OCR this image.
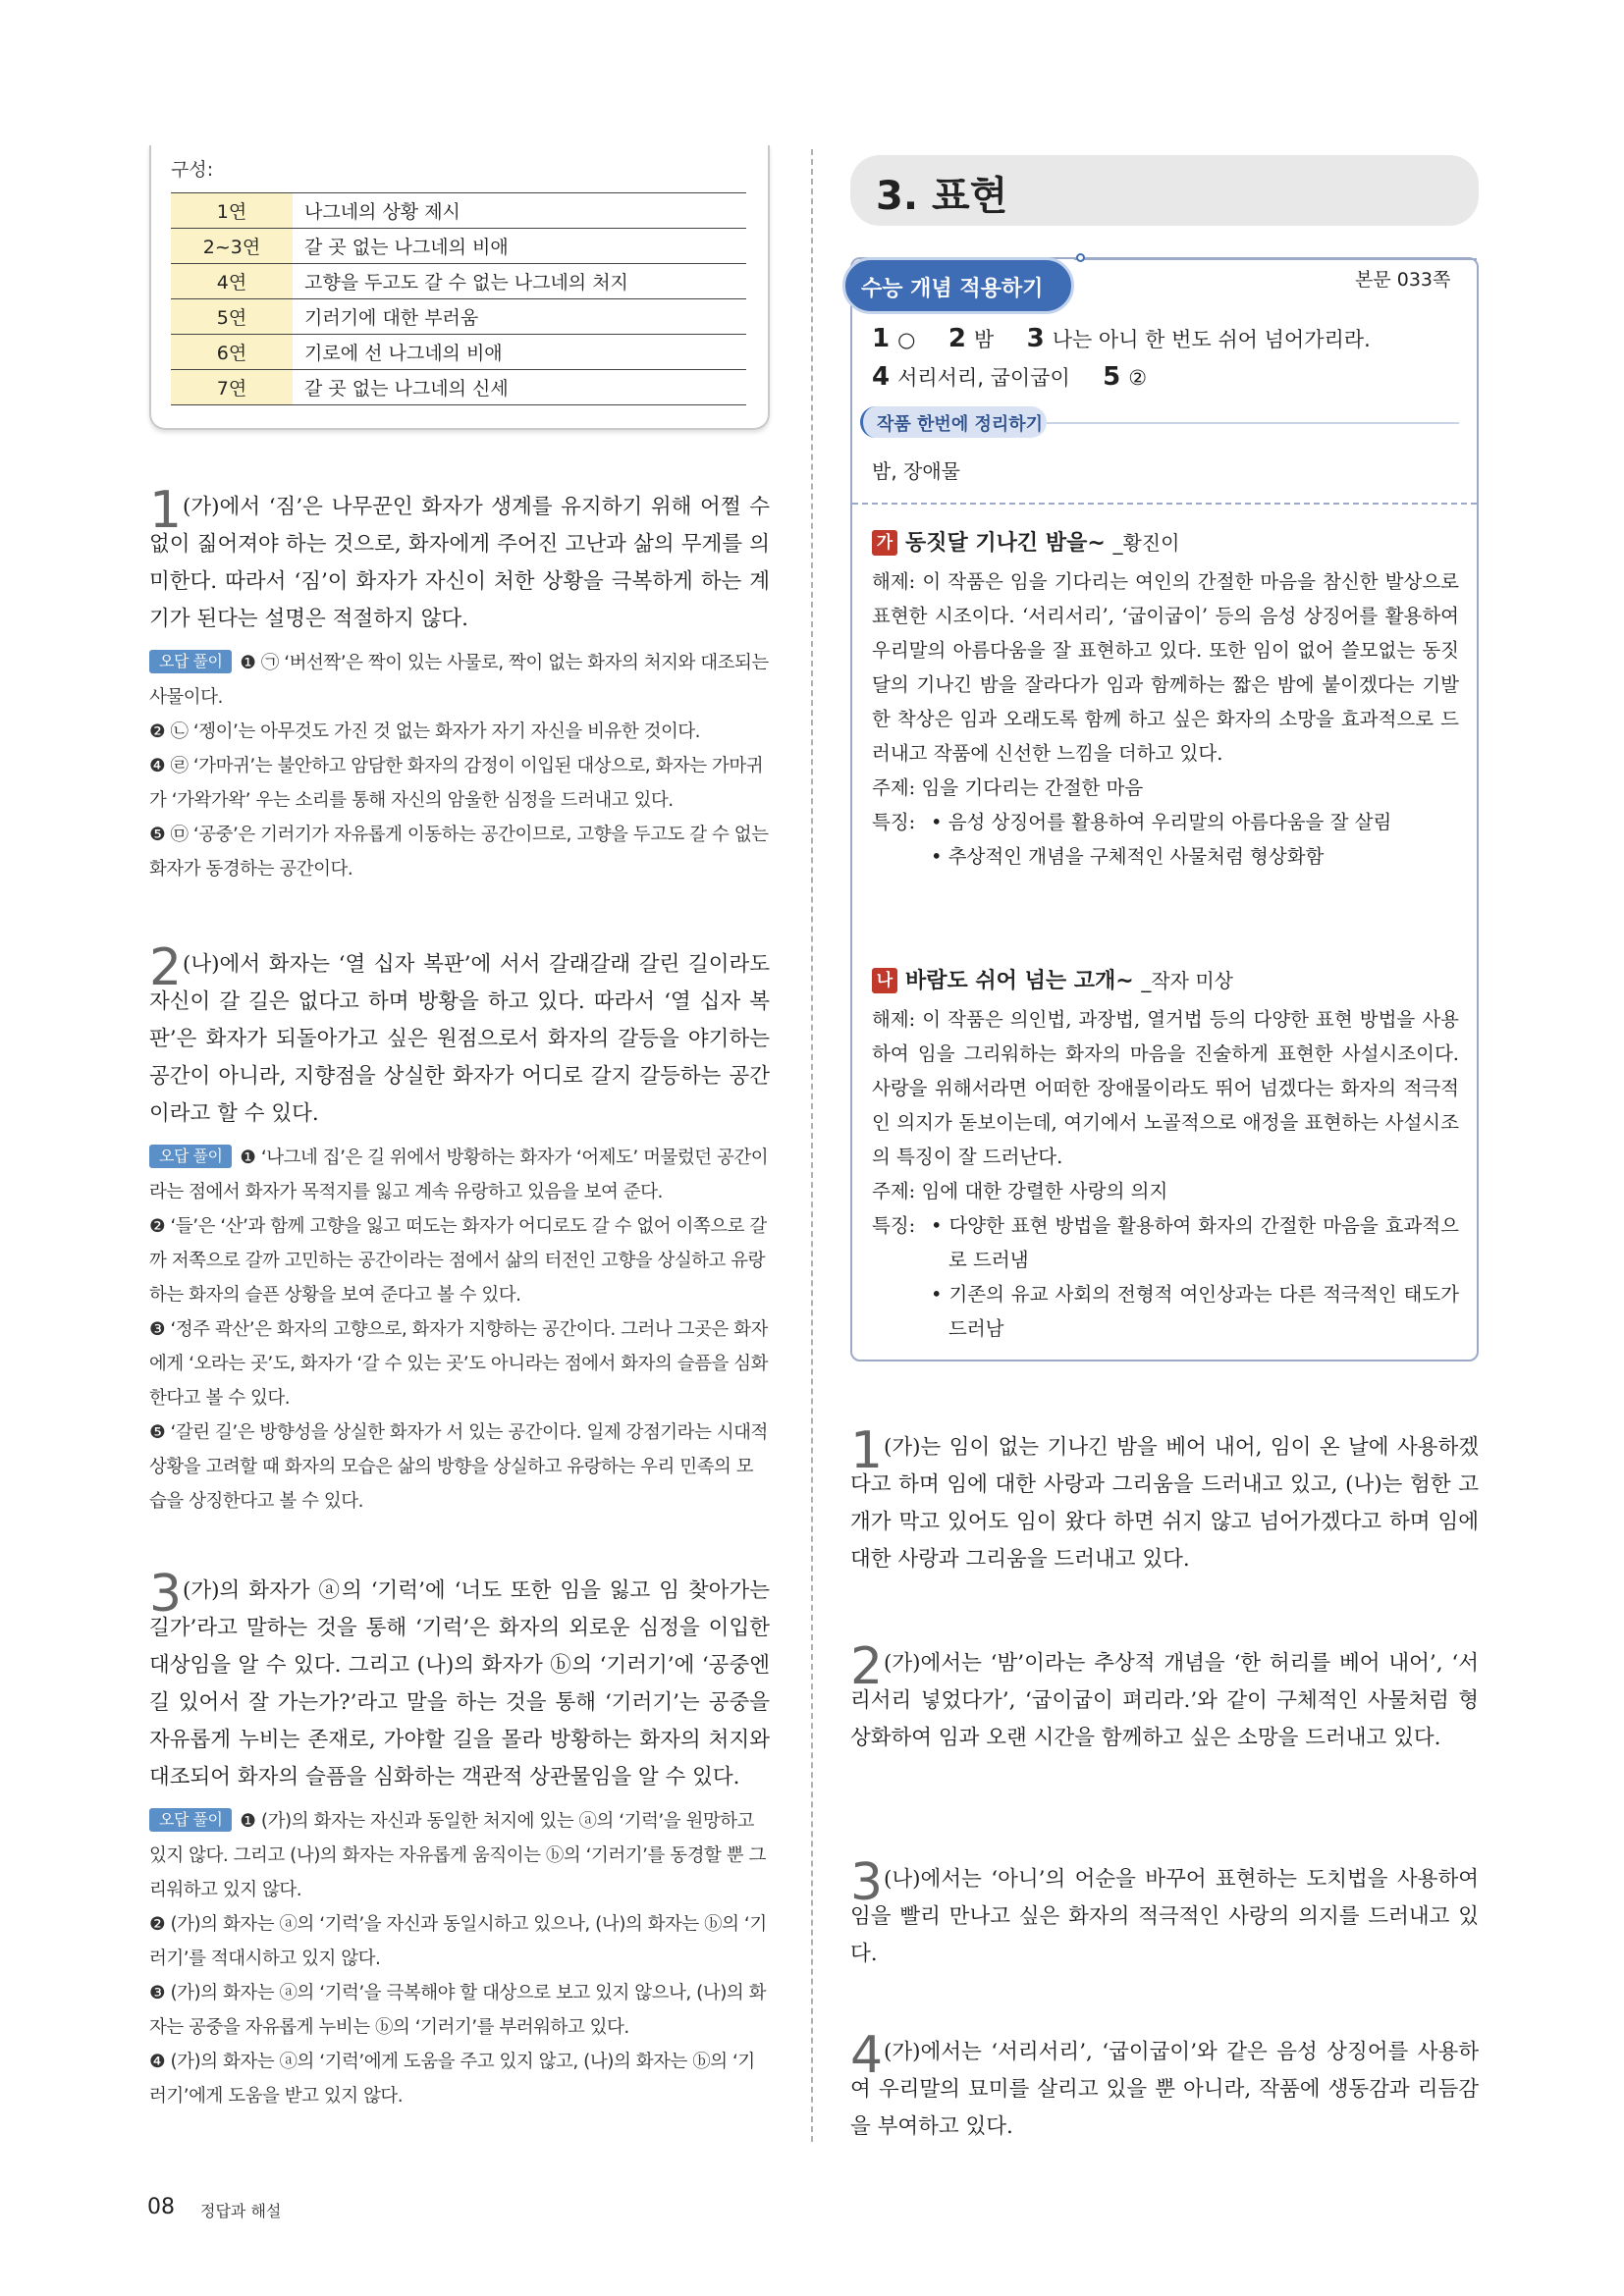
구성:
1연	나그네의 상황 제시
2~3연	갈 곳 없는 나그네의 비애
4연	고향을 두고도 갈 수 없는 나그네의 처지
5연	기러기에 대한 부러움
6연	기로에 선 나그네의 비애
7연	갈 곳 없는 나그네의 신세
1 (가)에서 ‘짐’은 나무꾼인 화자가 생계를 유지하기 위해 어쩔 수 없이 짊어져야 하는 것으로, 화자에게 주어진 고난과 삶의 무게를 의미한다. 따라서 ‘짐’이 화자가 자신이 처한 상황을 극복하게 하는 계기가 된다는 설명은 적절하지 않다.
오답 풀이 ❶ ㉠ ‘버선짝’은 짝이 있는 사물로, 짝이 없는 화자의 처지와 대조되는 사물이다.
❷ ㉡ ‘젱이’는 아무것도 가진 것 없는 화자가 자기 자신을 비유한 것이다.
❹ ㉣ ‘가마귀’는 불안하고 암담한 화자의 감정이 이입된 대상으로, 화자는 가마귀가 ‘가왁가왁’ 우는 소리를 통해 자신의 암울한 심정을 드러내고 있다.
❺ ㉤ ‘공중’은 기러기가 자유롭게 이동하는 공간이므로, 고향을 두고도 갈 수 없는 화자가 동경하는 공간이다.
2 (나)에서 화자는 ‘열 십자 복판’에 서서 갈래갈래 갈린 길이라도 자신이 갈 길은 없다고 하며 방황을 하고 있다. 따라서 ‘열 십자 복판’은 화자가 되돌아가고 싶은 원점으로서 화자의 갈등을 야기하는 공간이 아니라, 지향점을 상실한 화자가 어디로 갈지 갈등하는 공간이라고 할 수 있다.
오답 풀이 ❶ ‘나그네 집’은 길 위에서 방황하는 화자가 ‘어제도’ 머물렀던 공간이라는 점에서 화자가 목적지를 잃고 계속 유랑하고 있음을 보여 준다.
❷ ‘들’은 ‘산’과 함께 고향을 잃고 떠도는 화자가 어디로도 갈 수 없어 이쪽으로 갈까 저쪽으로 갈까 고민하는 공간이라는 점에서 삶의 터전인 고향을 상실하고 유랑하는 화자의 슬픈 상황을 보여 준다고 볼 수 있다.
❸ ‘정주 곽산’은 화자의 고향으로, 화자가 지향하는 공간이다. 그러나 그곳은 화자에게 ‘오라는 곳’도, 화자가 ‘갈 수 있는 곳’도 아니라는 점에서 화자의 슬픔을 심화한다고 볼 수 있다.
❺ ‘갈린 길’은 방향성을 상실한 화자가 서 있는 공간이다. 일제 강점기라는 시대적 상황을 고려할 때 화자의 모습은 삶의 방향을 상실하고 유랑하는 우리 민족의 모습을 상징한다고 볼 수 있다.
3 (가)의 화자가 ⓐ의 ‘기럭’에 ‘너도 또한 임을 잃고 임 찾아가는 길가’라고 말하는 것을 통해 ‘기럭’은 화자의 외로운 심정을 이입한 대상임을 알 수 있다. 그리고 (나)의 화자가 ⓑ의 ‘기러기’에 ‘공중엔 길 있어서 잘 가는가?’라고 말을 하는 것을 통해 ‘기러기’는 공중을 자유롭게 누비는 존재로, 가야할 길을 몰라 방황하는 화자의 처지와 대조되어 화자의 슬픔을 심화하는 객관적 상관물임을 알 수 있다.
오답 풀이 ❶ (가)의 화자는 자신과 동일한 처지에 있는 ⓐ의 ‘기럭’을 원망하고 있지 않다. 그리고 (나)의 화자는 자유롭게 움직이는 ⓑ의 ‘기러기’를 동경할 뿐 그리워하고 있지 않다.
❷ (가)의 화자는 ⓐ의 ‘기럭’을 자신과 동일시하고 있으나, (나)의 화자는 ⓑ의 ‘기러기’를 적대시하고 있지 않다.
❸ (가)의 화자는 ⓐ의 ‘기럭’을 극복해야 할 대상으로 보고 있지 않으나, (나)의 화자는 공중을 자유롭게 누비는 ⓑ의 ‘기러기’를 부러워하고 있다.
❹ (가)의 화자는 ⓐ의 ‘기럭’에게 도움을 주고 있지 않고, (나)의 화자는 ⓑ의 ‘기러기’에게 도움을 받고 있지 않다.
3. 표현
수능 개념 적용하기	본문 033쪽
1 ○ 2 밤 3 나는 아니 한 번도 쉬어 넘어가리라.
4 서리서리, 굽이굽이 5 ②
작품 한번에 정리하기
밤, 장애물
가 동짓달 기나긴 밤을~ _황진이
해제: 이 작품은 임을 기다리는 여인의 간절한 마음을 참신한 발상으로 표현한 시조이다. ‘서리서리’, ‘굽이굽이’ 등의 음성 상징어를 활용하여 우리말의 아름다움을 잘 표현하고 있다. 또한 임이 없어 쓸모없는 동짓달의 기나긴 밤을 잘라다가 임과 함께하는 짧은 밤에 붙이겠다는 기발한 착상은 임과 오래도록 함께 하고 싶은 화자의 소망을 효과적으로 드러내고 작품에 신선한 느낌을 더하고 있다.
주제: 임을 기다리는 간절한 마음
특징: • 음성 상징어를 활용하여 우리말의 아름다움을 잘 살림
• 추상적인 개념을 구체적인 사물처럼 형상화함
나 바람도 쉬어 넘는 고개~ _작자 미상
해제: 이 작품은 의인법, 과장법, 열거법 등의 다양한 표현 방법을 사용하여 임을 그리워하는 화자의 마음을 진술하게 표현한 사설시조이다. 사랑을 위해서라면 어떠한 장애물이라도 뛰어 넘겠다는 화자의 적극적인 의지가 돋보이는데, 여기에서 노골적으로 애정을 표현하는 사설시조의 특징이 잘 드러난다.
주제: 임에 대한 강렬한 사랑의 의지
특징: • 다양한 표현 방법을 활용하여 화자의 간절한 마음을 효과적으로 드러냄
• 기존의 유교 사회의 전형적 여인상과는 다른 적극적인 태도가 드러남
1 (가)는 임이 없는 기나긴 밤을 베어 내어, 임이 온 날에 사용하겠다고 하며 임에 대한 사랑과 그리움을 드러내고 있고, (나)는 험한 고개가 막고 있어도 임이 왔다 하면 쉬지 않고 넘어가겠다고 하며 임에 대한 사랑과 그리움을 드러내고 있다.
2 (가)에서는 ‘밤’이라는 추상적 개념을 ‘한 허리를 베어 내어’, ‘서리서리 넣었다가’, ‘굽이굽이 펴리라.’와 같이 구체적인 사물처럼 형상화하여 임과 오랜 시간을 함께하고 싶은 소망을 드러내고 있다.
3 (나)에서는 ‘아니’의 어순을 바꾸어 표현하는 도치법을 사용하여 임을 빨리 만나고 싶은 화자의 적극적인 사랑의 의지를 드러내고 있다.
4 (가)에서는 ‘서리서리’, ‘굽이굽이’와 같은 음성 상징어를 사용하여 우리말의 묘미를 살리고 있을 뿐 아니라, 작품에 생동감과 리듬감을 부여하고 있다.
08 정답과 해설
